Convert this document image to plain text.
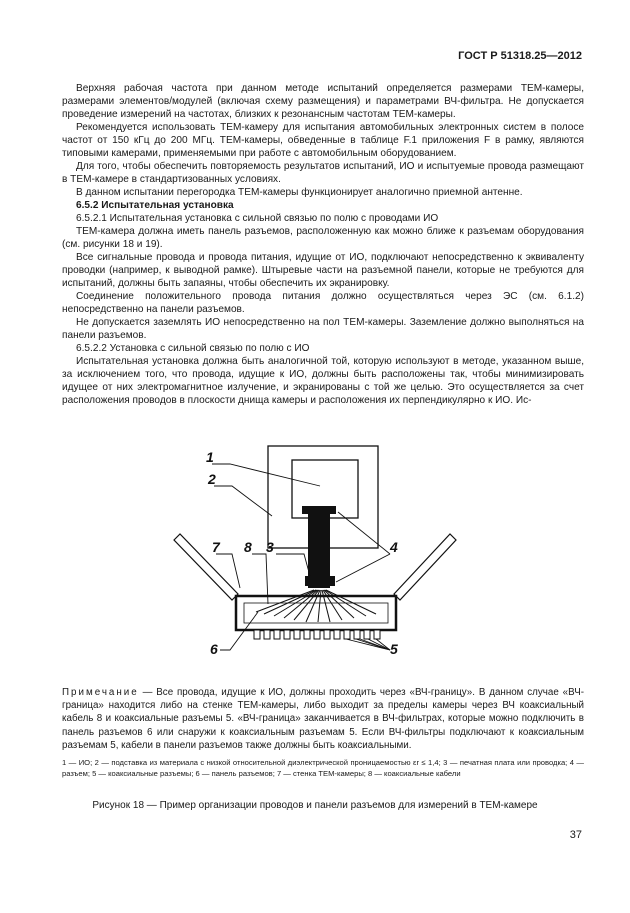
ГОСТ Р 51318.25—2012

Верхняя рабочая частота при данном методе испытаний определяется размерами ТЕМ-камеры, размерами элементов/модулей (включая схему размещения) и параметрами ВЧ-фильтра. Не допускается проведение измерений на частотах, близких к резонансным частотам ТЕМ-камеры.

Рекомендуется использовать ТЕМ-камеру для испытания автомобильных электронных систем в полосе частот от 150 кГц до 200 МГц. ТЕМ-камеры, обведенные в таблице F.1 приложения F в рамку, являются типовыми камерами, применяемыми при работе с автомобильным оборудованием.

Для того, чтобы обеспечить повторяемость результатов испытаний, ИО и испытуемые провода размещают в ТЕМ-камере в стандартизованных условиях.

В данном испытании перегородка ТЕМ-камеры функционирует аналогично приемной антенне.

6.5.2 Испытательная установка

6.5.2.1 Испытательная установка с сильной связью по полю с проводами ИО

ТЕМ-камера должна иметь панель разъемов, расположенную как можно ближе к разъемам оборудования (см. рисунки 18 и 19).

Все сигнальные провода и провода питания, идущие от ИО, подключают непосредственно к эквиваленту проводки (например, к выводной рамке). Штыревые части на разъемной панели, которые не требуются для испытаний, должны быть запаяны, чтобы обеспечить их экранировку.

Соединение положительного провода питания должно осуществляться через ЭС (см. 6.1.2) непосредственно на панели разъемов.

Не допускается заземлять ИО непосредственно на пол ТЕМ-камеры. Заземление должно выполняться на панели разъемов.

6.5.2.2 Установка с сильной связью по полю с ИО

Испытательная установка должна быть аналогичной той, которую используют в методе, указанном выше, за исключением того, что провода, идущие к ИО, должны быть расположены так, чтобы минимизировать идущее от них электромагнитное излучение, и экранированы с той же целью. Это осуществляется за счет расположения проводов в плоскости днища камеры и расположения их перпендикулярно к ИО. Ис-

1
2
3	4
5
6
7 8
Примечание — Все провода, идущие к ИО, должны проходить через «ВЧ-границу». В данном случае «ВЧ-граница» находится либо на стенке ТЕМ-камеры, либо выходит за пределы камеры через ВЧ коаксиальный кабель 8 и коаксиальные разъемы 5. «ВЧ-граница» заканчивается в ВЧ-фильтрах, которые можно подключить в панель разъемов 6 или снаружи к коаксиальным разъемам 5. Если ВЧ-фильтры подключают к коаксиальным разъемам 5, кабели в панели разъемов также должны быть коаксиальными.
1 — ИО; 2 — подставка из материала с низкой относительной диэлектрической проницаемостью εr ≤ 1,4; 3 — печатная плата или проводка; 4 — разъем; 5 — коаксиальные разъемы; 6 — панель разъемов; 7 — стенка ТЕМ-камеры; 8 — коаксиальные кабели
Рисунок 18 — Пример организации проводов и панели разъемов для измерений в ТЕМ-камере
37
